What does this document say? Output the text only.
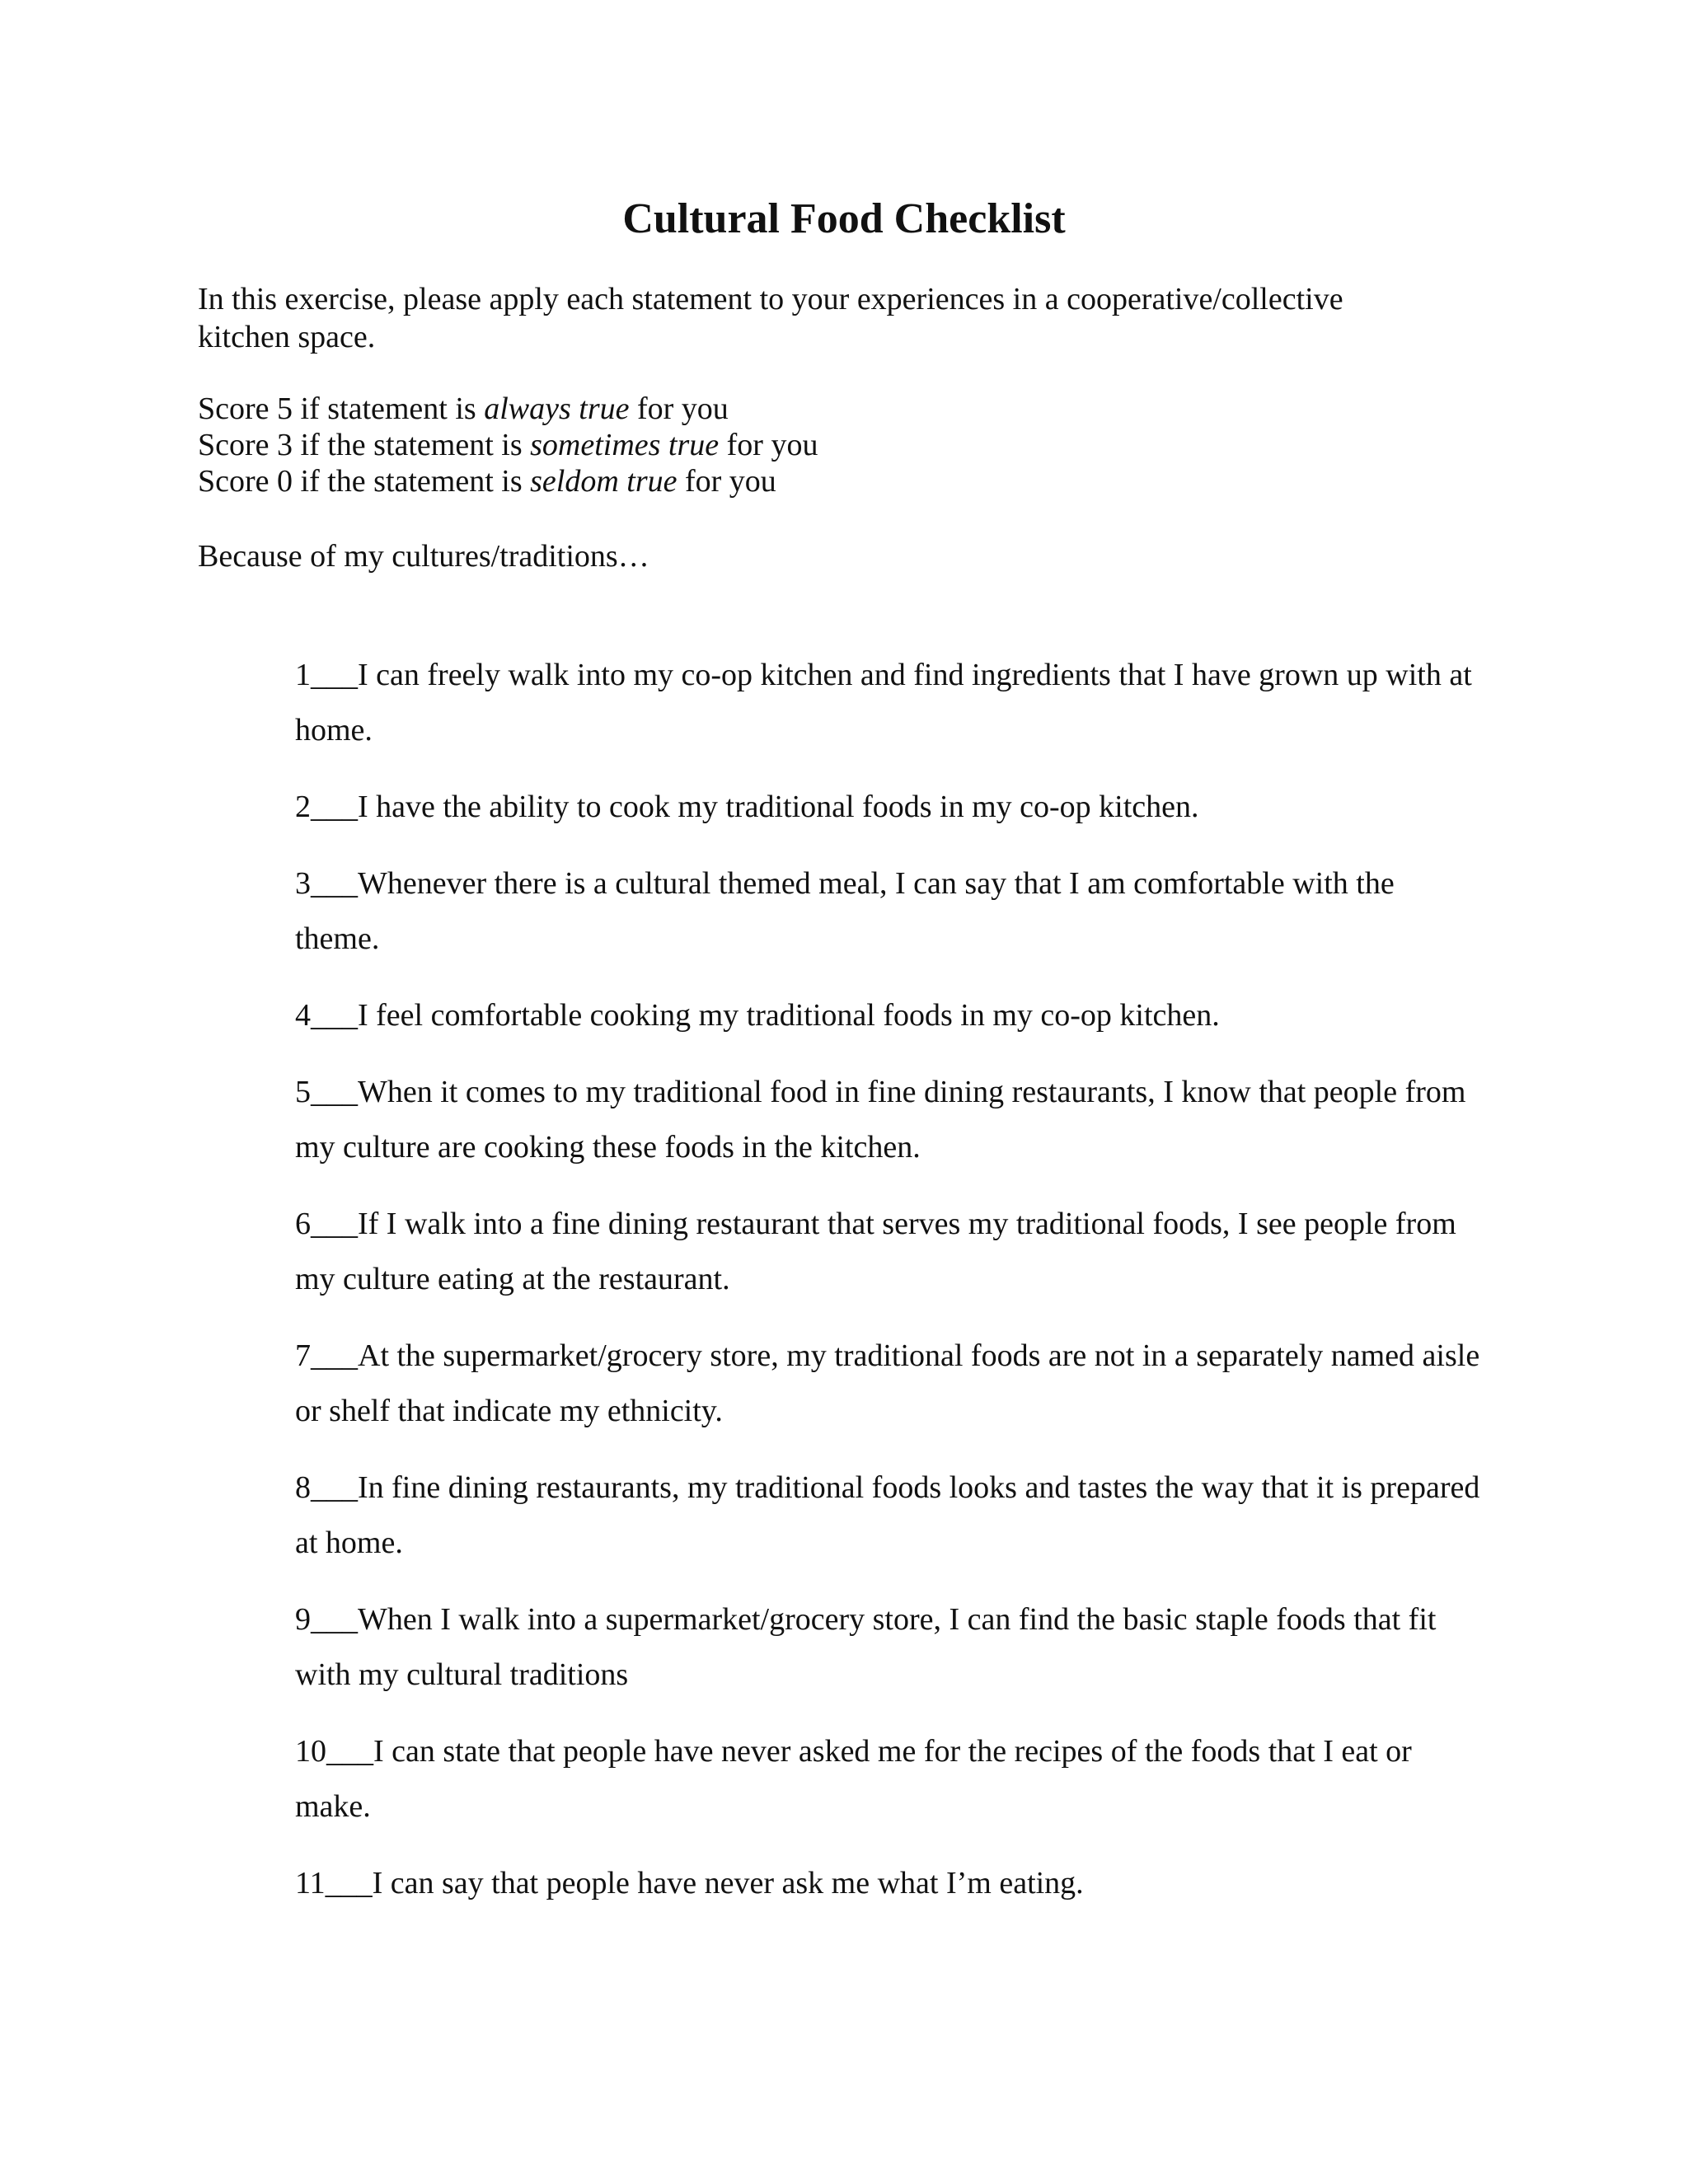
Cultural Food Checklist

In this exercise, please apply each statement to your experiences in a cooperative/collective kitchen space.

Score 5 if statement is always true for you
Score 3 if the statement is sometimes true for you
Score 0 if the statement is seldom true for you

Because of my cultures/traditions…

1___I can freely walk into my co-op kitchen and find ingredients that I have grown up with at home.
2___I have the ability to cook my traditional foods in my co-op kitchen.
3___Whenever there is a cultural themed meal, I can say that I am comfortable with the theme.
4___I feel comfortable cooking my traditional foods in my co-op kitchen.
5___When it comes to my traditional food in fine dining restaurants, I know that people from my culture are cooking these foods in the kitchen.
6___If I walk into a fine dining restaurant that serves my traditional foods, I see people from my culture eating at the restaurant.
7___At the supermarket/grocery store, my traditional foods are not in a separately named aisle or shelf that indicate my ethnicity.
8___In fine dining restaurants, my traditional foods looks and tastes the way that it is prepared at home.
9___When I walk into a supermarket/grocery store, I can find the basic staple foods that fit with my cultural traditions
10___I can state that people have never asked me for the recipes of the foods that I eat or make.
11___I can say that people have never ask me what I’m eating.
